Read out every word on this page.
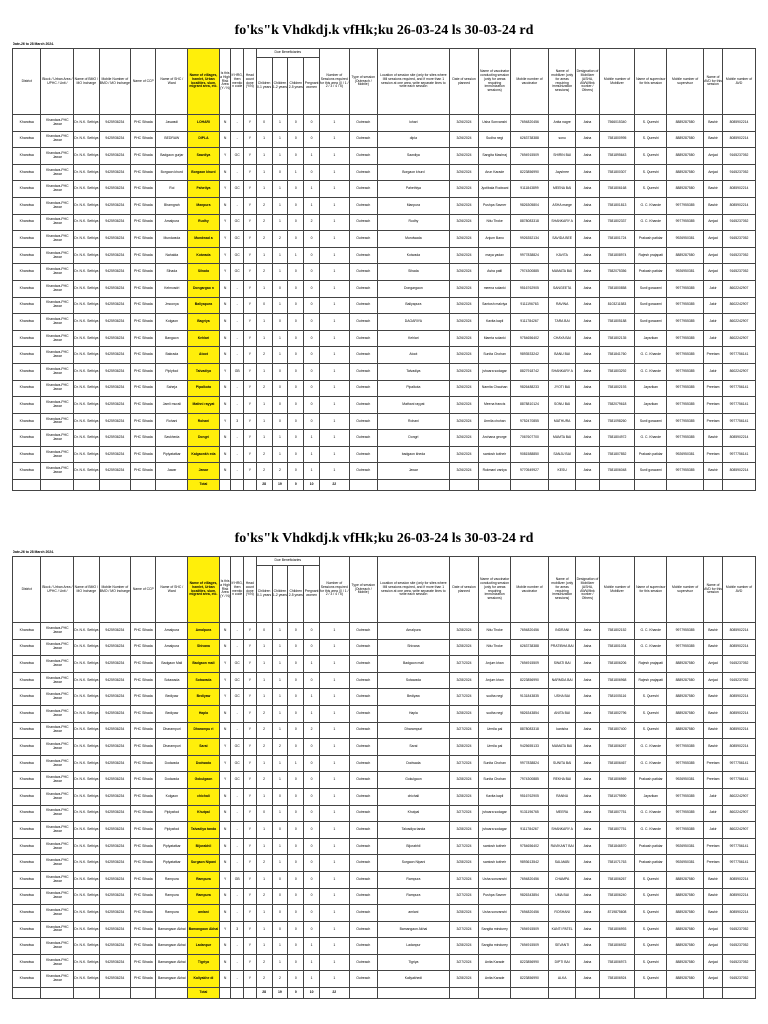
fo'ks"k Vhdkdj.k vfHk;ku 26-03-24 ls 30-03-24 rd
Date-26 to 28 March 2024.																										
District	Block / Urban Area / UPHC / Unit /	Name of BMO / MO Incharge	Mobile Number of BMO / MO Incharge	Name of CCP	Name of SHC / Ward	Name of villages, hamlet, Urban localities, slum, migrant area, etc.	Is this a High Risk Area (Y / N)	If HRG, then mention code	Head count done (Y/N)	Due Beneficiaries				Number of Sessions required for this area (0 / 1 / 2 / 3 / 4 / 5)	Type of session (Outreach / Mobile)	Location of session site (only for sites where IMI sessions required, and if more than 1 session at one area, write separate lines to write each session	Date of session planned	Name of vaccinator conducting session (only for areas requiring immunization sessions)	Mobile number of vaccinator	Name of mobilizer (only for areas requiring immunization sessions)	Designation of Mobilizer (ASHA, AWW/link worker / Others)	Mobile number of Mobilizer	Name of supervisor for this session	Mobile number of supervisor	Name of AVD for this session	Mobile number of AVD
										Children 0-1 years	Children 1-2 years	Children 2-5 years	Pregnant women													
Khandwa	Khandwa-PHC Jawar	Dr. N.K. Sethiya	9425936234	PHC Sihada	Jaswadi	LOHARI	N	-	Y	0	1	0	0	1	Outreach	lohari	3/26/2024	Usha Sonvanshi	7694820456	Anita nagre	Asha	7566015340	S. Qureshi	8889287580	Bashir	8085902214
Khandwa	Khandwa-PHC Jawar	Dr. N.K. Sethiya	9425936234	PHC Sihada	BEDRAW	DIPLA	N	-	Y	1	1	0	0	1	Outreach	dipla	3/26/2024	Sudha negi	6263738388	sonu	Asha	7581800995	S. Qureshi	8889287580	Bashir	8085902214
Khandwa	Khandwa-PHC Jawar	Dr. N.K. Sethiya	9425936234	PHC Sihada	Badgaon gurjar	Sawdiya	Y	GC	Y	1	1	0	1	1	Outreach	Sawdiya	3/26/2024	Sangita Mashraj	7694915509	SHIRIN BAI	Asha	7581895643	S. Qureshi	8889287580	Amjad	9165237052
Khandwa	Khandwa-PHC Jawar	Dr. N.K. Sethiya	9425936234	PHC Sihada	Borgaon khurd	Borgaon khurd	N	-	Y	1	0	1	0	1	Outreach	Borgaon khurd	3/26/2024	Arun Karade	8223856990	Jayshree	Asha	7581800307	S. Qureshi	8889287580	Amjad	9165237052
Khandwa	Khandwa-PHC Jawar	Dr. N.K. Sethiya	9425936234	PHC Sihada	Roi	Pahetiya	Y	GC	Y	1	1	0	1	1	Outreach	Pahethiya	3/26/2024	Jyotibala Rodwani	9111843899	MEENA BAI	Asha	7581806168	S. Qureshi	8889287580	Bashir	8085902214
Khandwa	Khandwa-PHC Jawar	Dr. N.K. Sethiya	9425936234	PHC Sihada	Bhamgrah	Manpura	N	-	Y	2	1	0	1	1	Outreach	Manpura	3/26/2024	Pushpa Savner	9826305804	ASHA marge	Asha	7581801813	G. C. Khande	9977955385	Bashir	8085902214
Khandwa	Khandwa-PHC Jawar	Dr. N.K. Sethiya	9425936234	PHC Sihada	Amalpura	Rudhy	Y	GC	Y	2	1	0	2	1	Outreach	Rudhy	3/26/2024	Nitu Tiroke	8878083318	SHANKARY A	Asha	7581802337	G. C. Khande	9977955385	Amjad	9165237052
Khandwa	Khandwa-PHC Jawar	Dr. N.K. Sethiya	9425936234	PHC Sihada	Mundwada	Mundwad a	Y	GC	Y	2	2	0	0	1	Outreach	Mundwada	3/26/2024	Anjum Bano	9926352134	SAVIDA BEE	Asha	7581801724	Prakash patidar	9926950381	Amjad	9165237052
Khandwa	Khandwa-PHC Jawar	Dr. N.K. Sethiya	9425936234	PHC Sihada	Nahalda	Kotwada	Y	GC	Y	1	1	1	0	1	Outreach	Kotwada	3/26/2024	maya yadav	9977838824	KAVITA	Asha	7581808974	Rajesh prajapati	8889287580	Amjad	9165237052
Khandwa	Khandwa-PHC Jawar	Dr. N.K. Sethiya	9425936234	PHC Sihada	Sihada	Sihada	Y	GC	Y	2	1	0	0	1	Outreach	Sihada	3/26/2024	Asha patil	7974300885	MAMATA BAI	Asha	7582075356	Prakash patidar	9926950381	Amjad	9165237052
Khandwa	Khandwa-PHC Jawar	Dr. N.K. Sethiya	9425936234	PHC Sihada	Kelmvadri	Dongargao n	N	-	Y	1	0	0	0	1	Outreach	Dongargaon	3/26/2024	meena solanki	9516762905	SANGEETA	Asha	7581800858	Sunil goswami	9977955385	Jakir	8602242907
Khandwa	Khandwa-PHC Jawar	Dr. N.K. Sethiya	9425936234	PHC Sihada	Jmoonya	Baliyapura	N	-	Y	0	1	0	0	1	Outreach	Baliyapura	3/26/2024	Santosh malviya	9111196763	RAVINA	Asha	8103211583	Sunil goswami	9977955385	Jakir	8602242907
Khandwa	Khandwa-PHC Jawar	Dr. N.K. Sethiya	9425936234	PHC Sihada	Kolgaon	Bagriya	N	-	Y	1	0	0	0	1	Outreach	DAGARIYA	3/26/2024	Kavita kapil	9111784267	TARA BAI	Asha	7581805188	Sunil goswami	9977955385	Jakir	8602242907
Khandwa	Khandwa-PHC Jawar	Dr. N.K. Sethiya	9425936234	PHC Sihada	Bangaon	Kehlari	N	-	Y	1	1	0	0	1	Outreach	Kehlari	3/26/2024	Mamta solanki	9754656402	CHAYA BAI	Asha	7581802135	Jaysrikan	9977955385	Jakir	8602242907
Khandwa	Khandwa-PHC Jawar	Dr. N.K. Sethiya	9425936234	PHC Sihada	Bakrada	Atoot	N	-	Y	2	1	0	0	1	Outreach	Atoot	3/26/2024	Sunita Chohan	9893533242	BANU BAI	Asha	7581841760	G. C. Khande	9977955385	Preetam	9977756141
Khandwa	Khandwa-PHC Jawar	Dr. N.K. Sethiya	9425936234	PHC Sihada	Piplyfool	Talvadiya	Y	GB	Y	1	0	0	0	1	Outreach	Talvadiya	3/26/2024	jshoara sodagar	8827918742	SHANKARY A	Asha	7581803292	G. C. Khande	9977955385	Jakir	8602242907
Khandwa	Khandwa-PHC Jawar	Dr. N.K. Sethiya	9425936234	PHC Sihada	Saheja	Pipalkota	N	-	Y	2	0	0	0	1	Outreach	Pipalkota	3/26/2024	Namita Chauhan	9826488233	JYOTI BAI	Asha	7581802193	Jaysrikan	9977955385	Preetam	9977756141
Khandwa	Khandwa-PHC Jawar	Dr. N.K. Sethiya	9425936234	PHC Sihada	Jamli murali	Mathni rayyat	N	-	Y	1	0	0	0	1	Outreach	Mathani rayyat	3/26/2024	Meena francis	8878810124	SONU BAI	Asha	7582079618	Jaysrikan	9977955385	Preetam	9977756141
Khandwa	Khandwa-PHC Jawar	Dr. N.K. Sethiya	9425936234	PHC Sihada	Rohani	Rohani	Y	3	Y	1	0	0	0	1	Outreach	Rohani	3/26/2024	Urmila chohan	9752470855	MATHURA	Asha	7581098260	Sunil goswami	9977955385	Preetam	9977756141
Khandwa	Khandwa-PHC Jawar	Dr. N.K. Sethiya	9425936234	PHC Sihada	Savkheda	Dongri	N	-	Y	1	1	0	1	1	Outreach	Dongri	3/26/2024	Archana george	7067607700	MAMTA BAI	Asha	7581804972	G. C. Khande	9977955385	Bashir	8085902214
Khandwa	Khandwa-PHC Jawar	Dr. N.K. Sethiya	9425936234	PHC Sihada	Piplyatatkar	Kalgaonkh eda	N	-	Y	2	1	0	1	1	Outreach	badgaon kheda	3/26/2024	santosh kotheir	9081588850	SANJU BAI	Asha	7581807852	Prakash patidar	9926950381	Preetam	9977756141
Khandwa	Khandwa-PHC Jawar	Dr. N.K. Sethiya	9425936234	PHC Sihada	Jawar	Jawar	N	-	Y	2	2	0	1	1	Outreach	Jawar	3/26/2024	Rukmani vaniya	9770549927	KESU	Asha	7581806048	Sunil goswami	9977955385	Bashir	8085902214
						Total				28	19	0	10	22												
fo'ks"k Vhdkdj.k vfHk;ku 26-03-24 ls 30-03-24 rd
Date-26 to 28 March 2024.																										
District	Block / Urban Area / UPHC / Unit /	Name of BMO / MO Incharge	Mobile Number of BMO / MO Incharge	Name of CCP	Name of SHC / Ward	Name of villages, hamlet, Urban localities, slum, migrant area, etc.	Is this a High Risk Area (Y / N)	If HRG, then mention code	Head count done (Y/N)	Due Beneficiaries				Number of Sessions required for this area (0 / 1 / 2 / 3 / 4 / 5)	Type of session (Outreach / Mobile)	Location of session site (only for sites where IMI sessions required, and if more than 1 session at one area, write separate lines to write each session	Date of session planned	Name of vaccinator conducting session (only for areas requiring immunization sessions)	Mobile number of vaccinator	Name of mobilizer (only for areas requiring immunization sessions)	Designation of Mobilizer (ASHA, AWW/link worker / Others)	Mobile number of Mobilizer	Name of supervisor for this session	Mobile number of supervisor	Name of AVD for this session	Mobile number of AVD
										Children 0-1 years	Children 1-2 years	Children 2-5 years	Pregnant women													
Khandwa	Khandwa-PHC Jawar	Dr. N.K. Sethiya	9425936234	PHC Sihada	Amalpura	Amalpura	N	-	Y	0	1	0	0	1	Outreach	Amalpura	3/28/2024	Nitu Tiroke	7694820456	INDRANI	Asha	7581802152	G. C. Khande	9977955385	Bashir	8085902214
Khandwa	Khandwa-PHC Jawar	Dr. N.K. Sethiya	9425936234	PHC Sihada	Amalpura	Shivana	N	-	Y	1	1	0	0	1	Outreach	Shivana	3/28/2024	Nitu Tiroke	6263738388	PRATIBHA BAI	Asha	7581801034	G. C. Khande	9977955385	Bashir	8085902214
Khandwa	Khandwa-PHC Jawar	Dr. N.K. Sethiya	9425936234	PHC Sihada	Badgaon Mali	Badgaon mali	Y	GC	Y	1	1	0	1	1	Outreach	Badgaon mali	3/27/2024	Anjum khan	7694915509	SWATI BAI	Asha	7581806206	Rajesh prajapati	8889287580	Amjad	9165237052
Khandwa	Khandwa-PHC Jawar	Dr. N.K. Sethiya	9425936234	PHC Sihada	Sotawada	Sotawada	Y	GC	Y	1	1	0	0	1	Outreach	Sotawada	3/28/2024	Anjum khan	8223856990	NARMDA BAI	Asha	7581806968	Rajesh prajapati	8889287580	Amjad	9165237052
Khandwa	Khandwa-PHC Jawar	Dr. N.K. Sethiya	9425936234	PHC Sihada	Bediyaw	Bediyaw	Y	GC	Y	1	1	0	1	1	Outreach	Bediyaw	3/27/2024	sudha negi	9131843835	USHA BAI	Asha	7581005116	S. Qureshi	8889287580	Bashir	8085902214
Khandwa	Khandwa-PHC Jawar	Dr. N.K. Sethiya	9425936234	PHC Sihada	Bediyaw	Hapla	N	-	Y	2	1	0	1	1	Outreach	Hapla	3/28/2024	sudha negi	9826343854	ANITA BAI	Asha	7581802796	S. Qureshi	8889287580	Bashir	8085902214
Khandwa	Khandwa-PHC Jawar	Dr. N.K. Sethiya	9425936234	PHC Sihada	Dharampuri	Dharampu ri	N	-	Y	2	1	0	2	1	Outreach	Dharampuri	3/27/2024	Urmila pal	8878083318	kanisha	Asha	7581807400	S. Qureshi	8889287580	Bashir	8085902214
Khandwa	Khandwa-PHC Jawar	Dr. N.K. Sethiya	9425936234	PHC Sihada	Dharampuri	Sarai	Y	GC	Y	2	2	0	0	1	Outreach	Sarai	3/28/2024	Urmila pal	9425655133	MAMATA BAI	Asha	7581806267	G. C. Khande	9977955385	Bashir	8085902214
Khandwa	Khandwa-PHC Jawar	Dr. N.K. Sethiya	9425936234	PHC Sihada	Dodwada	Dodwada	Y	GC	Y	1	1	1	0	1	Outreach	Dodwada	3/27/2024	Sunita Chohan	9977838824	SUNITA BAI	Asha	7581806467	G. C. Khande	9977955385	Preetam	9977756141
Khandwa	Khandwa-PHC Jawar	Dr. N.K. Sethiya	9425936234	PHC Sihada	Dodwada	Gokulgaon	Y	GC	Y	2	1	0	0	1	Outreach	Gokulgaon	3/28/2024	Sunita Chohan	7974300885	REKHA BAI	Asha	7581806969	Prakash patidar	9926950381	Preetam	9977756141
Khandwa	Khandwa-PHC Jawar	Dr. N.K. Sethiya	9425936234	PHC Sihada	Kolgaon	chichali	N	-	Y	1	0	0	0	1	Outreach	chichali	3/28/2024	Kavita kapil	9516762905	RANNU	Asha	7581079590	Jaysrikan	9977955385	Jakir	8602242907
Khandwa	Khandwa-PHC Jawar	Dr. N.K. Sethiya	9425936234	PHC Sihada	Piplyafool	Khutpal	N	-	Y	0	1	0	0	1	Outreach	Khutpal	3/27/2024	jshoara sodagar	9131196765	MEERA	Asha	7581807751	G. C. Khande	9977955385	Jakir	8602242907
Khandwa	Khandwa-PHC Jawar	Dr. N.K. Sethiya	9425936234	PHC Sihada	Piplyafool	Talvadiya tanda	N	-	Y	1	0	0	0	1	Outreach	Talvadiya tanda	3/28/2024	jshoara sodagar	9111784267	SHANKARY A	Asha	7581807751	G. C. Khande	9977955385	Jakir	8602242907
Khandwa	Khandwa-PHC Jawar	Dr. N.K. Sethiya	9425936234	PHC Sihada	Piplyatatkar	Bijorabhil	N	-	Y	1	1	0	0	1	Outreach	Bijorabhil	3/27/2024	santosh kotheir	9754656402	RAVIKANT BAI	Asha	7581846570	Prakash patidar	9926950381	Preetam	9977756141
Khandwa	Khandwa-PHC Jawar	Dr. N.K. Sethiya	9425936234	PHC Sihada	Piplyatatkar	Surgaon Nipani	N	-	Y	2	1	0	0	1	Outreach	Surgaon Nipani	3/28/2024	santosh kotheir	9893613542	SALMABI	Asha	7581071763	Prakash patidar	9926950381	Preetam	9977756141
Khandwa	Khandwa-PHC Jawar	Dr. N.K. Sethiya	9425936234	PHC Sihada	Rampura	Rampura	Y	GB	Y	1	0	0	0	1	Outreach	Rampura	3/27/2024	Usha sonvanshi	7694820456	CHAMPA	Asha	7581806267	S. Qureshi	8889287580	Bashir	8085902214
Khandwa	Khandwa-PHC Jawar	Dr. N.K. Sethiya	9425936234	PHC Sihada	Rampura	Rampura	N	-	Y	2	0	0	0	1	Outreach	Rampura	3/27/2024	Pushpa Savner	9826343854	UMA BAI	Asha	7581806240	S. Qureshi	8889287580	Bashir	8085902214
Khandwa	Khandwa-PHC Jawar	Dr. N.K. Sethiya	9425936234	PHC Sihada	Rampura	amlani	N	-	Y	1	0	0	0	1	Outreach	amlani	3/28/2024	Usha sonvanshi	7694820456	ROSHANI	Asha	8719875608	S. Qureshi	8889287580	Bashir	8085902214
Khandwa	Khandwa-PHC Jawar	Dr. N.K. Sethiya	9425936234	PHC Sihada	Bamangaon Akhai	Bamangaon Akhai	Y	3	Y	1	0	0	0	1	Outreach	Bamangaon Akhai	3/27/2024	Sangita mindurey	7694915509	KANTI PATEL	Asha	7581806993	S. Qureshi	8889287580	Amjad	9165237052
Khandwa	Khandwa-PHC Jawar	Dr. N.K. Sethiya	9425936234	PHC Sihada	Bamangaon Akhai	Ladanpur	N	-	Y	1	1	0	1	1	Outreach	Ladanpur	3/28/2024	Sangita mindurey	7694915509	SEVANTI	Asha	7581806932	S. Qureshi	8889287580	Amjad	9165237052
Khandwa	Khandwa-PHC Jawar	Dr. N.K. Sethiya	9425936234	PHC Sihada	Bamangaon Akhai	Tigriya	N	-	Y	2	1	0	1	1	Outreach	Tigriya	3/27/2024	Anita Karade	8223856990	DIPTI BAI	Asha	7581806973	S. Qureshi	8889287580	Amjad	9165237052
Khandwa	Khandwa-PHC Jawar	Dr. N.K. Sethiya	9425936234	PHC Sihada	Bamangaon Akhai	Kaliyakhe di	N	-	Y	2	2	0	1	1	Outreach	Kaliyakhedi	3/28/2024	Anita Karade	8223856990	ALKA	Asha	7581806924	S. Qureshi	8889287580	Amjad	9165237052
						Total				28	19	0	10	22												
